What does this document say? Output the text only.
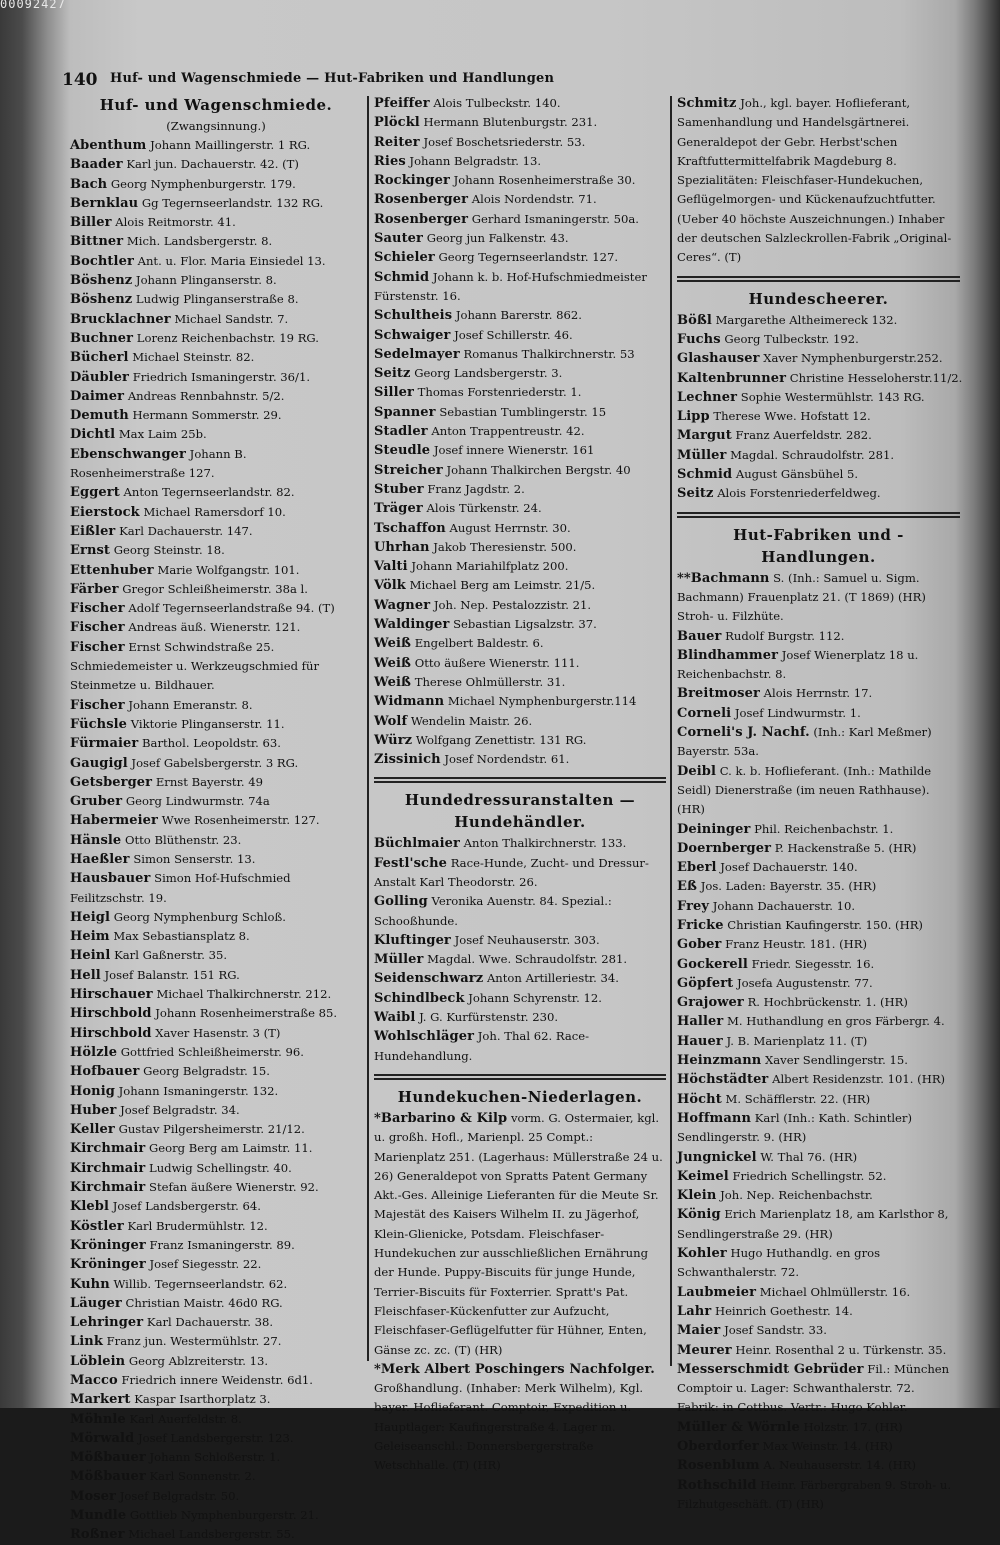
00092427
140 Huf- und Wagenschmiede — Hut-Fabriken und Handlungen
Huf- und Wagenschmiede.
(Zwangsinnung.)
Abenthum Johann Maillingerstr. 1 RG.
Baader Karl jun. Dachauerstr. 42. (T)
Bach Georg Nymphenburgerstr. 179.
Bernklau Gg Tegernseerlandstr. 132 RG.
Biller Alois Reitmorstr. 41.
Bittner Mich. Landsbergerstr. 8.
Bochtler Ant. u. Flor. Maria Einsiedel 13.
Böshenz Johann Plinganserstr. 8.
Böshenz Ludwig Plinganserstraße 8.
Brucklachner Michael Sandstr. 7.
Buchner Lorenz Reichenbachstr. 19 RG.
Bücherl Michael Steinstr. 82.
Däubler Friedrich Ismaningerstr. 36/1.
Daimer Andreas Rennbahnstr. 5/2.
Demuth Hermann Sommerstr. 29.
Dichtl Max Laim 25b.
Ebenschwanger Johann B. Rosenheimerstraße 127.
Eggert Anton Tegernseerlandstr. 82.
Eierstock Michael Ramersdorf 10.
Eißler Karl Dachauerstr. 147.
Ernst Georg Steinstr. 18.
Ettenhuber Marie Wolfgangstr. 101.
Färber Gregor Schleißheimerstr. 38a l.
Fischer Adolf Tegernseerlandstraße 94. (T)
Fischer Andreas äuß. Wienerstr. 121.
Fischer Ernst Schwindstraße 25. Schmiedemeister u. Werkzeugschmied für Steinmetze u. Bildhauer.
Fischer Johann Emeranstr. 8.
Füchsle Viktorie Plinganserstr. 11.
Fürmaier Barthol. Leopoldstr. 63.
Gaugigl Josef Gabelsbergerstr. 3 RG.
Getsberger Ernst Bayerstr. 49
Gruber Georg Lindwurmstr. 74a
Habermeier Wwe Rosenheimerstr. 127.
Hänsle Otto Blüthenstr. 23.
Haeßler Simon Senserstr. 13.
Hausbauer Simon Hof-Hufschmied Feilitzschstr. 19.
Heigl Georg Nymphenburg Schloß.
Heim Max Sebastiansplatz 8.
Heinl Karl Gaßnerstr. 35.
Hell Josef Balanstr. 151 RG.
Hirschauer Michael Thalkirchnerstr. 212.
Hirschbold Johann Rosenheimerstraße 85.
Hirschbold Xaver Hasenstr. 3 (T)
Hölzle Gottfried Schleißheimerstr. 96.
Hofbauer Georg Belgradstr. 15.
Honig Johann Ismaningerstr. 132.
Huber Josef Belgradstr. 34.
Keller Gustav Pilgersheimerstr. 21/12.
Kirchmair Georg Berg am Laimstr. 11.
Kirchmair Ludwig Schellingstr. 40.
Kirchmair Stefan äußere Wienerstr. 92.
Klebl Josef Landsbergerstr. 64.
Köstler Karl Brudermühlstr. 12.
Kröninger Franz Ismaningerstr. 89.
Kröninger Josef Siegesstr. 22.
Kuhn Willib. Tegernseerlandstr. 62.
Läuger Christian Maistr. 46d0 RG.
Lehringer Karl Dachauerstr. 38.
Link Franz jun. Westermühlstr. 27.
Löblein Georg Ablzreiterstr. 13.
Macco Friedrich innere Weidenstr. 6d1.
Markert Kaspar Isarthorplatz 3.
Möhnle Karl Auerfeldstr. 8.
Mörwald Josef Landsbergerstr. 123.
Mößbauer Johann Schloßerstr. 1.
Mößbauer Karl Sonnenstr. 2.
Moser Josef Belgradstr. 50.
Mundle Gottlieb Nymphenburgerstr. 21.
Roßner Michael Landsbergerstr. 55.
Pfeiffer Alois Tulbeckstr. 140.
Plöckl Hermann Blutenburgstr. 231.
Reiter Josef Boschetsriederstr. 53.
Ries Johann Belgradstr. 13.
Rockinger Johann Rosenheimerstraße 30.
Rosenberger Alois Nordendstr. 71.
Rosenberger Gerhard Ismaningerstr. 50a.
Sauter Georg jun Falkenstr. 43.
Schieler Georg Tegernseerlandstr. 127.
Schmid Johann k. b. Hof-Hufschmiedmeister Fürstenstr. 16.
Schultheis Johann Barerstr. 862.
Schwaiger Josef Schillerstr. 46.
Sedelmayer Romanus Thalkirchnerstr. 53
Seitz Georg Landsbergerstr. 3.
Siller Thomas Forstenriederstr. 1.
Spanner Sebastian Tumblingerstr. 15
Stadler Anton Trappentreustr. 42.
Steudle Josef innere Wienerstr. 161
Streicher Johann Thalkirchen Bergstr. 40
Stuber Franz Jagdstr. 2.
Träger Alois Türkenstr. 24.
Tschaffon August Herrnstr. 30.
Uhrhan Jakob Theresienstr. 500.
Valti Johann Mariahilfplatz 200.
Völk Michael Berg am Leimstr. 21/5.
Wagner Joh. Nep. Pestalozzistr. 21.
Waldinger Sebastian Ligsalzstr. 37.
Weiß Engelbert Baldestr. 6.
Weiß Otto äußere Wienerstr. 111.
Weiß Therese Ohlmüllerstr. 31.
Widmann Michael Nymphenburgerstr.114
Wolf Wendelin Maistr. 26.
Würz Wolfgang Zenettistr. 131 RG.
Zissinich Josef Nordendstr. 61.
Hundedressuranstalten — Hundehändler.
Büchlmaier Anton Thalkirchnerstr. 133.
Festl'sche Race-Hunde, Zucht- und Dressur-Anstalt Karl Theodorstr. 26.
Golling Veronika Auenstr. 84. Spezial.: Schooßhunde.
Kluftinger Josef Neuhauserstr. 303.
Müller Magdal. Wwe. Schraudolfstr. 281.
Seidenschwarz Anton Artilleriestr. 34.
Schindlbeck Johann Schyrenstr. 12.
Waibl J. G. Kurfürstenstr. 230.
Wohlschläger Joh. Thal 62. Race-Hundehandlung.
Hundekuchen-Niederlagen.
*Barbarino & Kilp vorm. G. Ostermaier, kgl. u. großh. Hofl., Marienpl. 25 Compt.: Marienplatz 251. (Lagerhaus: Müllerstraße 24 u. 26) Generaldepot von Spratts Patent Germany Akt.-Ges. Alleinige Lieferanten für die Meute Sr. Majestät des Kaisers Wilhelm II. zu Jägerhof, Klein-Glienicke, Potsdam. Fleischfaser-Hundekuchen zur ausschließlichen Ernährung der Hunde. Puppy-Biscuits für junge Hunde, Terrier-Biscuits für Foxterrier. Spratt's Pat. Fleischfaser-Kückenfutter zur Aufzucht, Fleischfaser-Geflügelfutter für Hühner, Enten, Gänse zc. zc. (T) (HR)
*Merk Albert Poschingers Nachfolger. Großhandlung. (Inhaber: Merk Wilhelm), Kgl. bayer. Hoflieferant. Comptoir, Expedition u. Hauptlager: Kaufingerstraße 4. Lager m. Geleiseanschl.: Donnersbergerstraße Wetschhalle. (T) (HR)
Schmitz Joh., kgl. bayer. Hoflieferant, Samenhandlung und Handelsgärtnerei. Generaldepot der Gebr. Herbst'schen Kraftfuttermittelfabrik Magdeburg 8. Spezialitäten: Fleischfaser-Hundekuchen, Geflügelmorgen- und Kückenaufzuchtfutter. (Ueber 40 höchste Auszeichnungen.) Inhaber der deutschen Salzleckrollen-Fabrik „Original-Ceres“. (T)
Hundescheerer.
Bößl Margarethe Altheimereck 132.
Fuchs Georg Tulbeckstr. 192.
Glashauser Xaver Nymphenburgerstr.252.
Kaltenbrunner Christine Hesseloherstr.11/2.
Lechner Sophie Westermühlstr. 143 RG.
Lipp Therese Wwe. Hofstatt 12.
Margut Franz Auerfeldstr. 282.
Müller Magdal. Schraudolfstr. 281.
Schmid August Gänsbühel 5.
Seitz Alois Forstenriederfeldweg.
Hut-Fabriken und -Handlungen.
**Bachmann S. (Inh.: Samuel u. Sigm. Bachmann) Frauenplatz 21. (T 1869) (HR) Stroh- u. Filzhüte.
Bauer Rudolf Burgstr. 112.
Blindhammer Josef Wienerplatz 18 u. Reichenbachstr. 8.
Breitmoser Alois Herrnstr. 17.
Corneli Josef Lindwurmstr. 1.
Corneli's J. Nachf. (Inh.: Karl Meßmer) Bayerstr. 53a.
Deibl C. k. b. Hoflieferant. (Inh.: Mathilde Seidl) Dienerstraße (im neuen Rathhause). (HR)
Deininger Phil. Reichenbachstr. 1.
Doernberger P. Hackenstraße 5. (HR)
Eberl Josef Dachauerstr. 140.
Eß Jos. Laden: Bayerstr. 35. (HR)
Frey Johann Dachauerstr. 10.
Fricke Christian Kaufingerstr. 150. (HR)
Gober Franz Heustr. 181. (HR)
Gockerell Friedr. Siegesstr. 16.
Göpfert Josefa Augustenstr. 77.
Grajower R. Hochbrückenstr. 1. (HR)
Haller M. Huthandlung en gros Färbergr. 4.
Hauer J. B. Marienplatz 11. (T)
Heinzmann Xaver Sendlingerstr. 15.
Höchstädter Albert Residenzstr. 101. (HR)
Höcht M. Schäfflerstr. 22. (HR)
Hoffmann Karl (Inh.: Kath. Schintler) Sendlingerstr. 9. (HR)
Jungnickel W. Thal 76. (HR)
Keimel Friedrich Schellingstr. 52.
Klein Joh. Nep. Reichenbachstr.
König Erich Marienplatz 18, am Karlsthor 8, Sendlingerstraße 29. (HR)
Kohler Hugo Huthandlg. en gros Schwanthalerstr. 72.
Laubmeier Michael Ohlmüllerstr. 16.
Lahr Heinrich Goethestr. 14.
Maier Josef Sandstr. 33.
Meurer Heinr. Rosenthal 2 u. Türkenstr. 35.
Messerschmidt Gebrüder Fil.: München Comptoir u. Lager: Schwanthalerstr. 72. Fabrik: in Cottbus. Vertr.: Hugo Kohler.
Müller & Wörnle Holzstr. 17. (HR)
Oberdorfer Max Weinstr. 14. (HR)
Rosenblum A. Neuhauserstr. 14. (HR)
Rothschild Heinr. Färbergraben 9. Stroh- u. Filzhutgeschäft. (T) (HR)
